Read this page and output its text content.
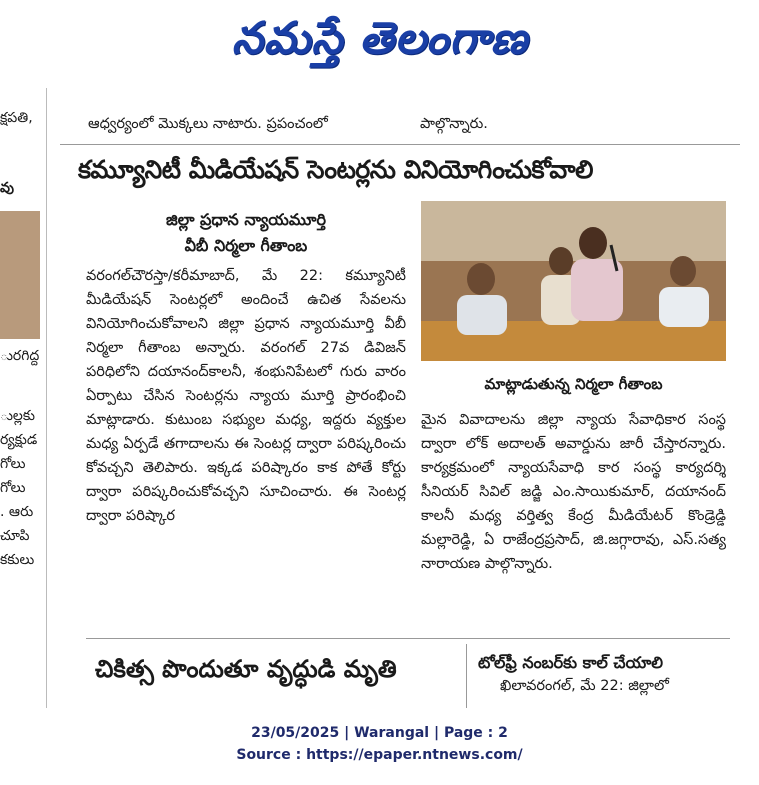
నమస్తే తెలంగాణ
క్షపతి,
వు
ురగిద్ద
ుల్లకు
ర్యక్షుడ
గోలు
గోలు
. ఆరు
చూపి
కకులు
ఆధ్వర్యంలో మొక్కలు నాటారు. ప్రపంచంలో	పాల్గొన్నారు.
కమ్యూనిటీ మీడియేషన్ సెంటర్లను వినియోగించుకోవాలి
జిల్లా ప్రధాన న్యాయమూర్తి
వీబీ నిర్మలా గీతాంబ

వరంగల్‌చౌరస్తా/కరీమాబాద్, మే 22: కమ్యూనిటీ మీడియేషన్ సెంటర్లలో అందించే ఉచిత సేవలను వినియోగించుకోవాలని జిల్లా ప్రధాన న్యాయమూర్తి వీబీ నిర్మలా గీతాంబ అన్నారు. వరంగల్ 27వ డివిజన్ పరిధిలోని దయానంద్‌కాలనీ, శంభునిపేటలో గురు వారం ఏర్పాటు చేసిన సెంటర్లను న్యాయ మూర్తి ప్రారంభించి మాట్లాడారు. కుటుంబ సభ్యుల మధ్య, ఇద్దరు వ్యక్తుల మధ్య ఏర్పడే తగాదాలను ఈ సెంటర్ల ద్వారా పరిష్కరించు కోవచ్చని తెలిపారు. ఇక్కడ పరిష్కారం కాక పోతే కోర్టు ద్వారా పరిష్కరించుకోవచ్చని సూచించారు. ఈ సెంటర్ల ద్వారా పరిష్కార

మాట్లాడుతున్న నిర్మలా గీతాంబ

మైన వివాదాలను జిల్లా న్యాయ సేవాధికార సంస్థ ద్వారా లోక్ అదాలత్ అవార్డును జారీ చేస్తారన్నారు. కార్యక్రమంలో న్యాయసేవాధి కార సంస్థ కార్యదర్శి సీనియర్ సివిల్ జడ్జి ఎం.సాయికుమార్, దయానంద్ కాలనీ మధ్య వర్తిత్వ కేంద్ర మీడియేటర్ కొండ్రెడ్డి మల్లారెడ్డి, ఏ రాజేంద్రప్రసాద్, జి.జగ్గారావు, ఎస్.సత్య నారాయణ పాల్గొన్నారు.

చికిత్స పొందుతూ వృద్ధుడి మృతి	టోల్‌ఫ్రీ నంబర్‌కు కాల్ చేయాలి
ఖిలావరంగల్, మే 22: జిల్లాలో
23/05/2025 | Warangal | Page : 2
Source : https://epaper.ntnews.com/
